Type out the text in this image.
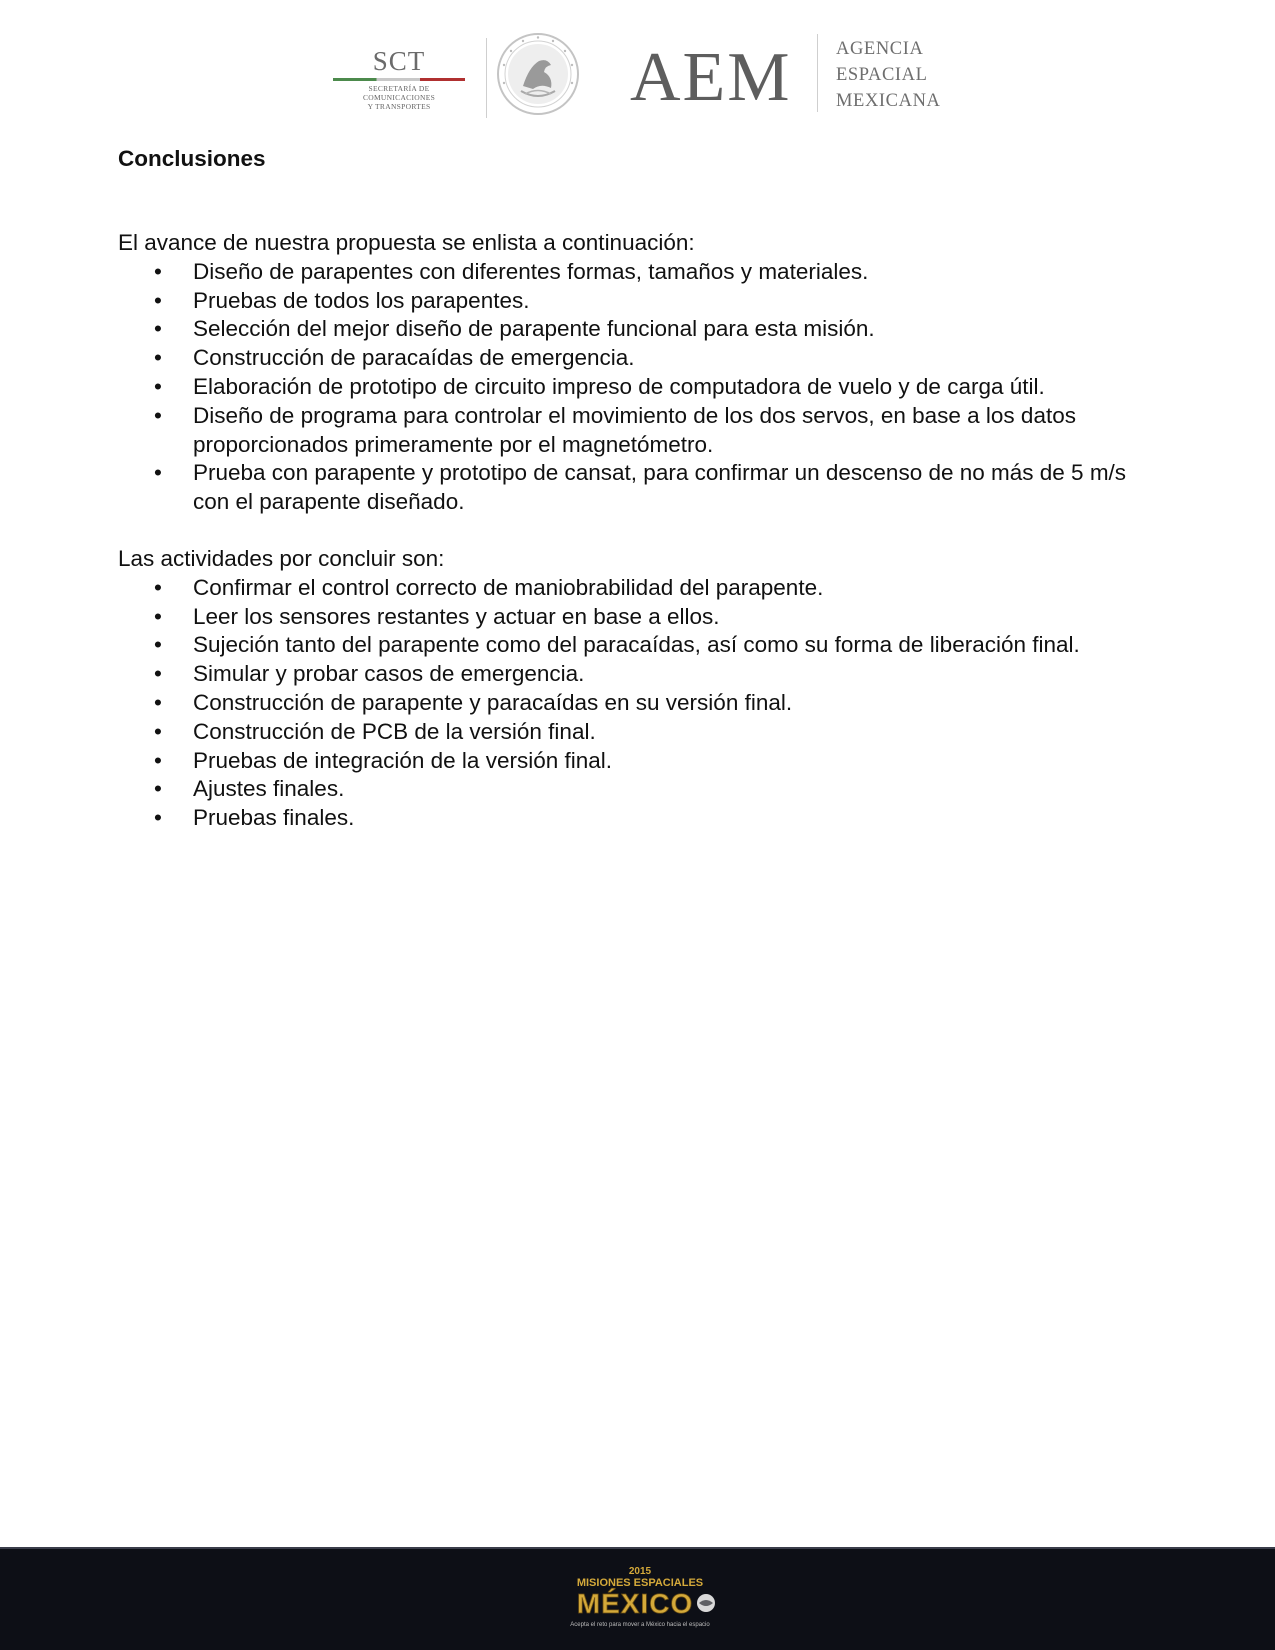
SCT
SECRETARÍA DE
COMUNICACIONES
Y TRANSPORTES	AEM AGENCIA
ESPACIAL
MEXICANA
Conclusiones

El avance de nuestra propuesta se enlista a continuación:

• Diseño de parapentes con diferentes formas, tamaños y materiales.
• Pruebas de todos los parapentes.
• Selección del mejor diseño de parapente funcional para esta misión.
• Construcción de paracaídas de emergencia.
• Elaboración de prototipo de circuito impreso de computadora de vuelo y de carga útil.
• Diseño de programa para controlar el movimiento de los dos servos, en base a los datos proporcionados primeramente por el magnetómetro.
• Prueba con parapente y prototipo de cansat, para confirmar un descenso de no más de 5 m/s con el parapente diseñado.

Las actividades por concluir son:

• Confirmar el control correcto de maniobrabilidad del parapente.
• Leer los sensores restantes y actuar en base a ellos.
• Sujeción tanto del parapente como del paracaídas, así como su forma de liberación final.
• Simular y probar casos de emergencia.
• Construcción de parapente y paracaídas en su versión final.
• Construcción de PCB de la versión final.
• Pruebas de integración de la versión final.
• Ajustes finales.
• Pruebas finales.
2015
MISIONES ESPACIALES
MÉXICO
Acepta el reto para mover a México hacia el espacio
